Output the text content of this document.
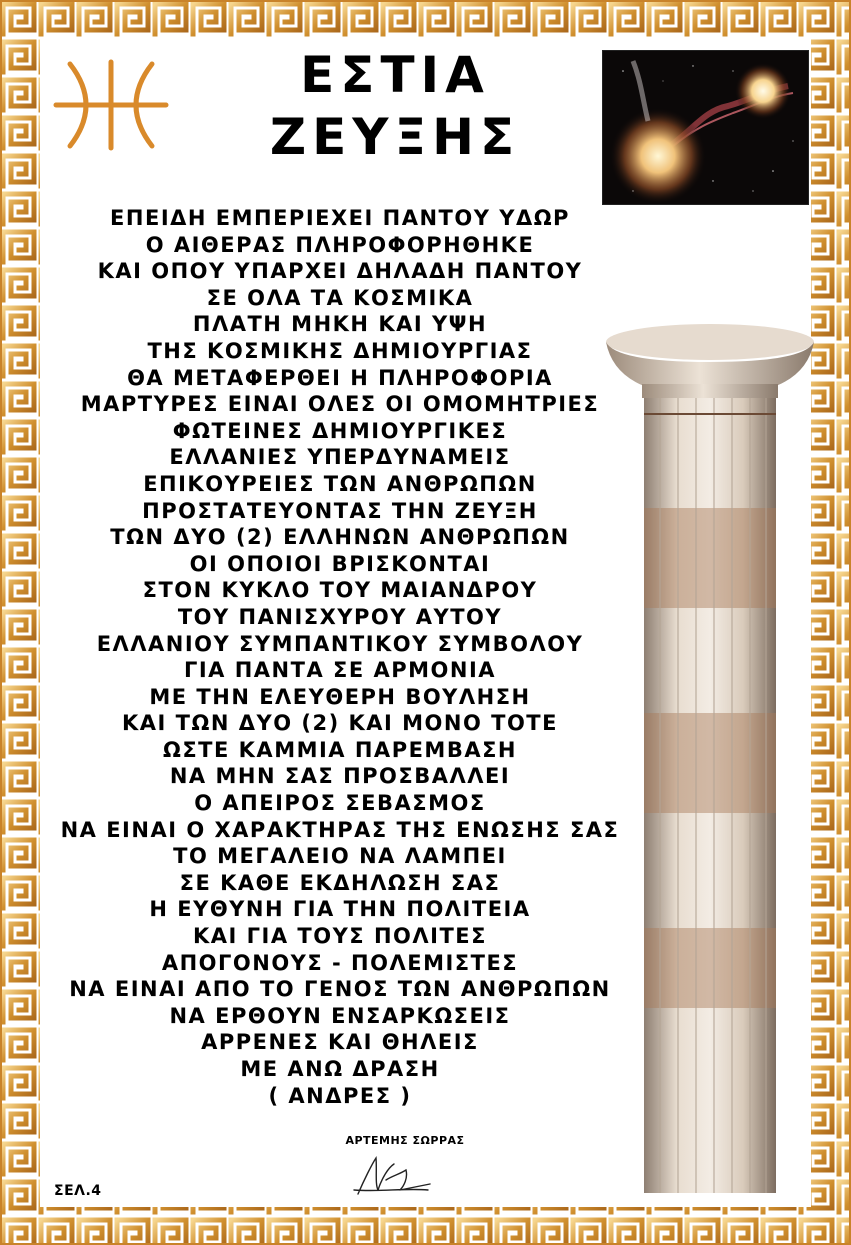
ΕΣΤΙΑ
ΖΕΥΞΗΣ
ΕΠΕΙΔΗ ΕΜΠΕΡΙΕΧΕΙ ΠΑΝΤΟΥ ΥΔΩΡ
Ο ΑΙΘΕΡΑΣ ΠΛΗΡΟΦΟΡΗΘΗΚΕ
ΚΑΙ ΟΠΟΥ ΥΠΑΡΧΕΙ ΔΗΛΑΔΗ ΠΑΝΤΟΥ
ΣΕ ΟΛΑ ΤΑ ΚΟΣΜΙΚΑ
ΠΛΑΤΗ ΜΗΚΗ ΚΑΙ ΥΨΗ
ΤΗΣ ΚΟΣΜΙΚΗΣ ΔΗΜΙΟΥΡΓΙΑΣ
ΘΑ ΜΕΤΑΦΕΡΘΕΙ Η ΠΛΗΡΟΦΟΡΙΑ
ΜΑΡΤΥΡΕΣ ΕΙΝΑΙ ΟΛΕΣ ΟΙ ΟΜΟΜΗΤΡΙΕΣ
ΦΩΤΕΙΝΕΣ ΔΗΜΙΟΥΡΓΙΚΕΣ
ΕΛΛΑΝΙΕΣ ΥΠΕΡΔΥΝΑΜΕΙΣ
ΕΠΙΚΟΥΡΕΙΕΣ ΤΩΝ ΑΝΘΡΩΠΩΝ
ΠΡΟΣΤΑΤΕΥΟΝΤΑΣ ΤΗΝ ΖΕΥΞΗ
ΤΩΝ ΔΥΟ (2) ΕΛΛΗΝΩΝ ΑΝΘΡΩΠΩΝ
ΟΙ ΟΠΟΙΟΙ ΒΡΙΣΚΟΝΤΑΙ
ΣΤΟΝ ΚΥΚΛΟ ΤΟΥ ΜΑΙΑΝΔΡΟΥ
ΤΟΥ ΠΑΝΙΣΧΥΡΟΥ ΑΥΤΟΥ
ΕΛΛΑΝΙΟΥ ΣΥΜΠΑΝΤΙΚΟΥ ΣΥΜΒΟΛΟΥ
ΓΙΑ ΠΑΝΤΑ ΣΕ ΑΡΜΟΝΙΑ
ΜΕ ΤΗΝ ΕΛΕΥΘΕΡΗ ΒΟΥΛΗΣΗ
ΚΑΙ ΤΩΝ ΔΥΟ (2) ΚΑΙ ΜΟΝΟ ΤΟΤΕ
ΩΣΤΕ ΚΑΜΜΙΑ ΠΑΡΕΜΒΑΣΗ
ΝΑ ΜΗΝ ΣΑΣ ΠΡΟΣΒΑΛΛΕΙ
Ο ΑΠΕΙΡΟΣ ΣΕΒΑΣΜΟΣ
ΝΑ ΕΙΝΑΙ Ο ΧΑΡΑΚΤΗΡΑΣ ΤΗΣ ΕΝΩΣΗΣ ΣΑΣ
ΤΟ ΜΕΓΑΛΕΙΟ ΝΑ ΛΑΜΠΕΙ
ΣΕ ΚΑΘΕ ΕΚΔΗΛΩΣΗ ΣΑΣ
Η ΕΥΘΥΝΗ ΓΙΑ ΤΗΝ ΠΟΛΙΤΕΙΑ
ΚΑΙ ΓΙΑ ΤΟΥΣ ΠΟΛΙΤΕΣ
ΑΠΟΓΟΝΟΥΣ - ΠΟΛΕΜΙΣΤΕΣ
ΝΑ ΕΙΝΑΙ ΑΠΟ ΤΟ ΓΕΝΟΣ ΤΩΝ ΑΝΘΡΩΠΩΝ
ΝΑ ΕΡΘΟΥΝ ΕΝΣΑΡΚΩΣΕΙΣ
ΑΡΡΕΝΕΣ ΚΑΙ ΘΗΛΕΙΣ
ΜΕ ΑΝΩ ΔΡΑΣΗ
( ΑΝΔΡΕΣ )
ΑΡΤΕΜΗΣ ΣΩΡΡΑΣ
ΣΕΛ.4
